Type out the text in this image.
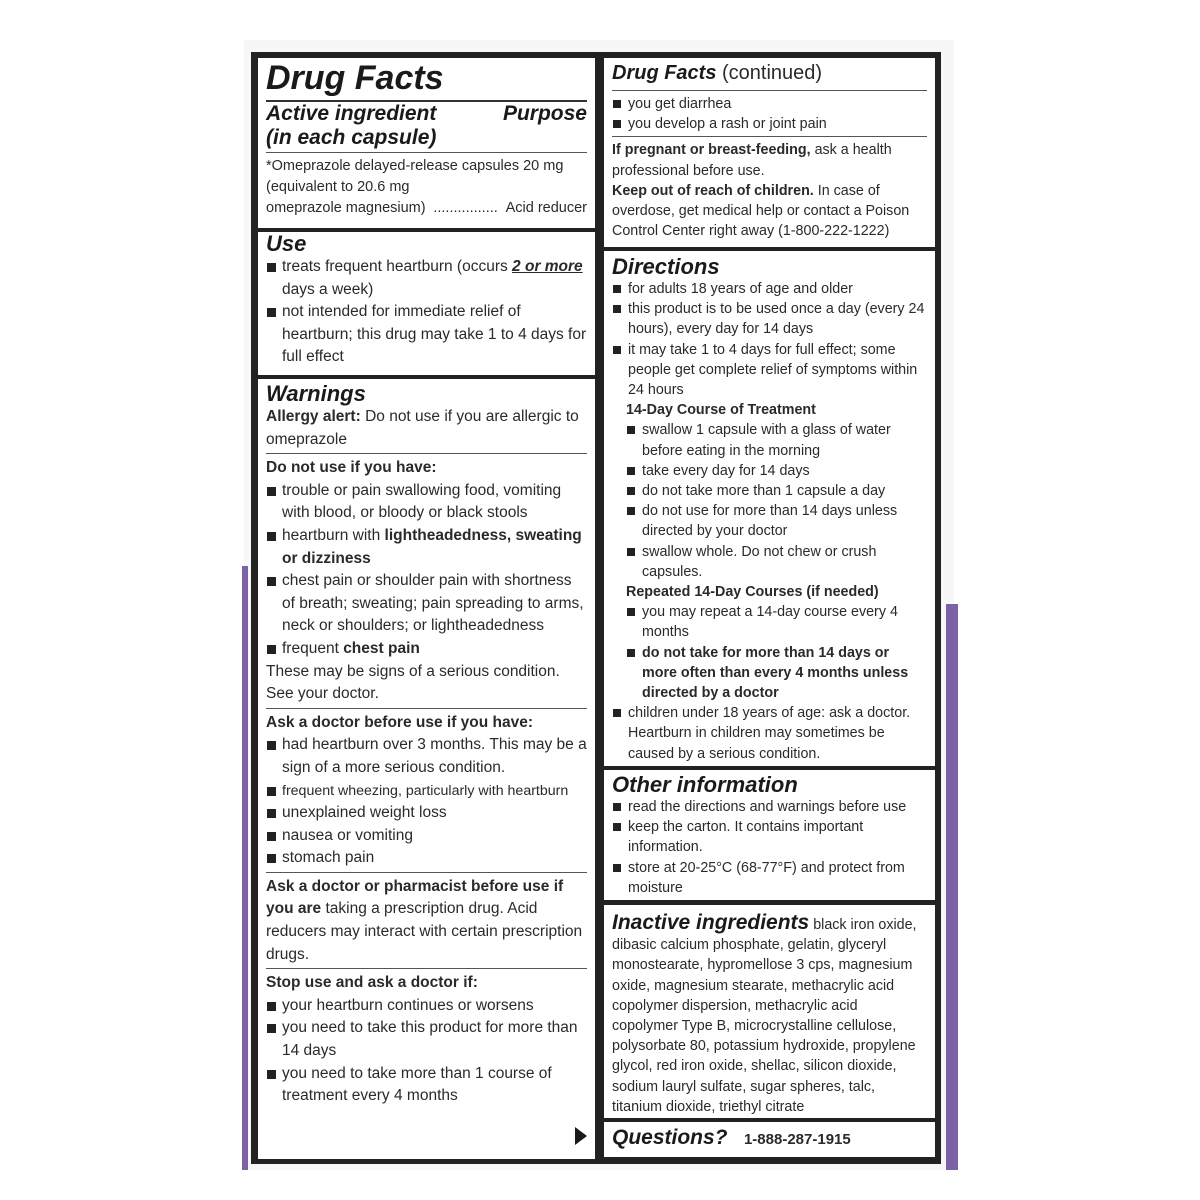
Drug Facts
Active ingredient
(in each capsule)
Purpose
*Omeprazole delayed-release capsules 20 mg
(equivalent to 20.6 mg
omeprazole magnesium) ................ Acid reducer
Use
treats frequent heartburn (occurs 2 or more days a week)
not intended for immediate relief of heartburn; this drug may take 1 to 4 days for full effect
Warnings
Allergy alert: Do not use if you are allergic to omeprazole
Do not use if you have:
trouble or pain swallowing food, vomiting with blood, or bloody or black stools
heartburn with lightheadedness, sweating or dizziness
chest pain or shoulder pain with shortness of breath; sweating; pain spreading to arms, neck or shoulders; or lightheadedness
frequent chest pain
These may be signs of a serious condition. See your doctor.
Ask a doctor before use if you have:
had heartburn over 3 months. This may be a sign of a more serious condition.
frequent wheezing, particularly with heartburn
unexplained weight loss
nausea or vomiting
stomach pain
Ask a doctor or pharmacist before use if you are taking a prescription drug. Acid reducers may interact with certain prescription drugs.
Stop use and ask a doctor if:
your heartburn continues or worsens
you need to take this product for more than 14 days
you need to take more than 1 course of treatment every 4 months
Drug Facts (continued)
you get diarrhea
you develop a rash or joint pain
If pregnant or breast-feeding, ask a health professional before use.
Keep out of reach of children. In case of overdose, get medical help or contact a Poison Control Center right away (1-800-222-1222)
Directions
for adults 18 years of age and older
this product is to be used once a day (every 24 hours), every day for 14 days
it may take 1 to 4 days for full effect; some people get complete relief of symptoms within 24 hours
14-Day Course of Treatment
swallow 1 capsule with a glass of water before eating in the morning
take every day for 14 days
do not take more than 1 capsule a day
do not use for more than 14 days unless directed by your doctor
swallow whole. Do not chew or crush capsules.
Repeated 14-Day Courses (if needed)
you may repeat a 14-day course every 4 months
do not take for more than 14 days or more often than every 4 months unless directed by a doctor
children under 18 years of age: ask a doctor. Heartburn in children may sometimes be caused by a serious condition.
Other information
read the directions and warnings before use
keep the carton. It contains important information.
store at 20-25°C (68-77°F) and protect from moisture
Inactive ingredients black iron oxide, dibasic calcium phosphate, gelatin, glyceryl monostearate, hypromellose 3 cps, magnesium oxide, magnesium stearate, methacrylic acid copolymer dispersion, methacrylic acid copolymer Type B, microcrystalline cellulose, polysorbate 80, potassium hydroxide, propylene glycol, red iron oxide, shellac, silicon dioxide, sodium lauryl sulfate, sugar spheres, talc, titanium dioxide, triethyl citrate
Questions? 1-888-287-1915
